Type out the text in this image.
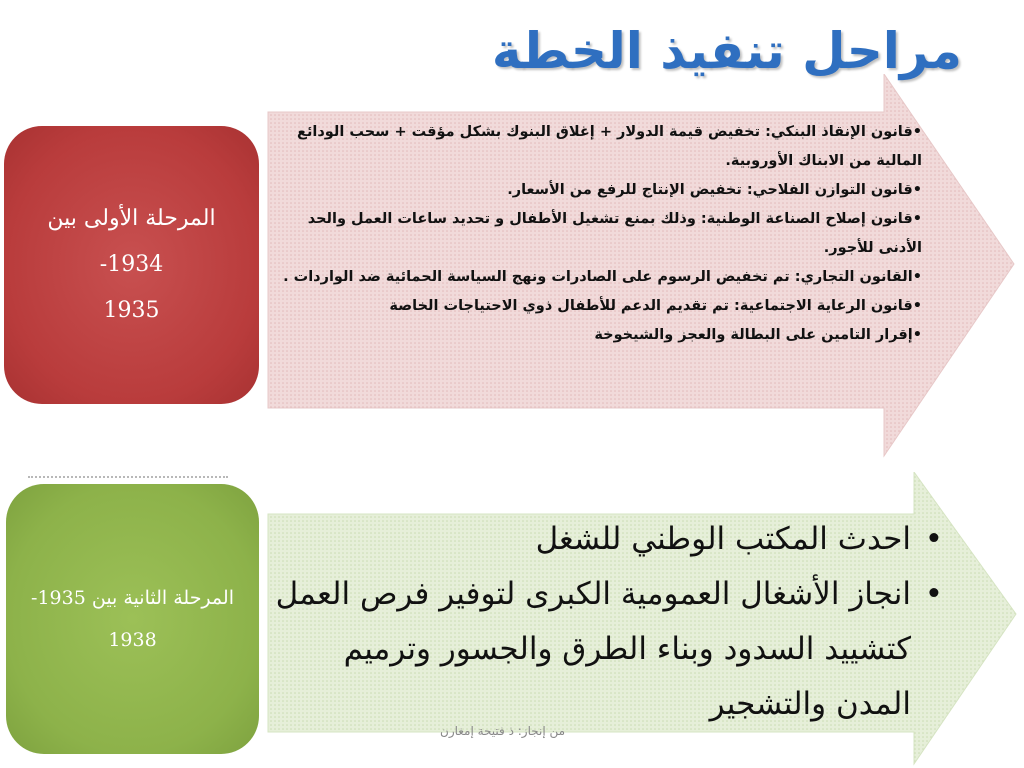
مراحل تنفيذ الخطة
المرحلة الأولى بين 1934-
1935
• قانون الإنقاذ البنكي: تخفيض قيمة الدولار + إغلاق البنوك بشكل مؤقت + سحب الودائع المالية من الابناك الأوروبية.
• قانون التوازن الفلاحي: تخفيض الإنتاج للرفع من الأسعار.
• قانون إصلاح الصناعة الوطنية: وذلك بمنع تشغيل الأطفال و تحديد ساعات العمل والحد الأدنى للأجور.
• القانون التجاري: تم تخفيض الرسوم على الصادرات ونهج السياسة الحمائية ضد الواردات .
• قانون الرعاية الاجتماعية: تم تقديم الدعم للأطفال ذوي الاحتياجات الخاصة
• إقرار التامين على البطالة والعجز والشيخوخة
المرحلة الثانية بين 1935-
1938
• احدث المكتب الوطني للشغل
• انجاز الأشغال العمومية الكبرى لتوفير فرص العمل كتشييد السدود وبناء الطرق والجسور وترميم المدن والتشجير
من إنجاز: ذ فتيحة إمغارن
